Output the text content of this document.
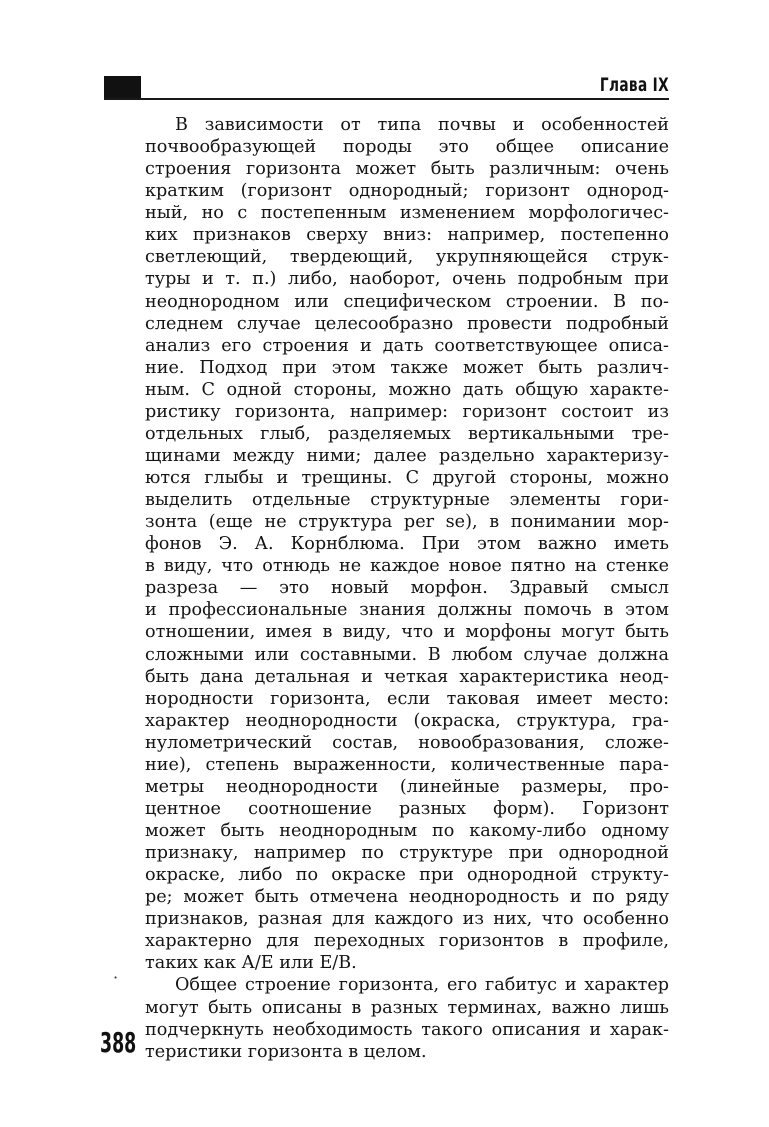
Глава IX
В зависимости от типа почвы и особенностей
почвообразующей породы это общее описание
строения горизонта может быть различным: очень
кратким (горизонт однородный; горизонт однород-
ный, но с постепенным изменением морфологичес-
ких признаков сверху вниз: например, постепенно
светлеющий, твердеющий, укрупняющейся струк-
туры и т. п.) либо, наоборот, очень подробным при
неоднородном или специфическом строении. В по-
следнем случае целесообразно провести подробный
анализ его строения и дать соответствующее описа-
ние. Подход при этом также может быть различ-
ным. С одной стороны, можно дать общую характе-
ристику горизонта, например: горизонт состоит из
отдельных глыб, разделяемых вертикальными тре-
щинами между ними; далее раздельно характеризу-
ются глыбы и трещины. С другой стороны, можно
выделить отдельные структурные элементы гори-
зонта (еще не структура per se), в понимании мор-
фонов Э. А. Корнблюма. При этом важно иметь
в виду, что отнюдь не каждое новое пятно на стенке
разреза — это новый морфон. Здравый смысл
и профессиональные знания должны помочь в этом
отношении, имея в виду, что и морфоны могут быть
сложными или составными. В любом случае должна
быть дана детальная и четкая характеристика неод-
нородности горизонта, если таковая имеет место:
характер неоднородности (окраска, структура, гра-
нулометрический состав, новообразования, сложе-
ние), степень выраженности, количественные пара-
метры неоднородности (линейные размеры, про-
центное соотношение разных форм). Горизонт
может быть неоднородным по какому-либо одному
признаку, например по структуре при однородной
окраске, либо по окраске при однородной структу-
ре; может быть отмечена неоднородность и по ряду
признаков, разная для каждого из них, что особенно
характерно для переходных горизонтов в профиле,
таких как А/Е или Е/В.
Общее строение горизонта, его габитус и характер
могут быть описаны в разных терминах, важно лишь
подчеркнуть необходимость такого описания и харак-
теристики горизонта в целом.
·
388
